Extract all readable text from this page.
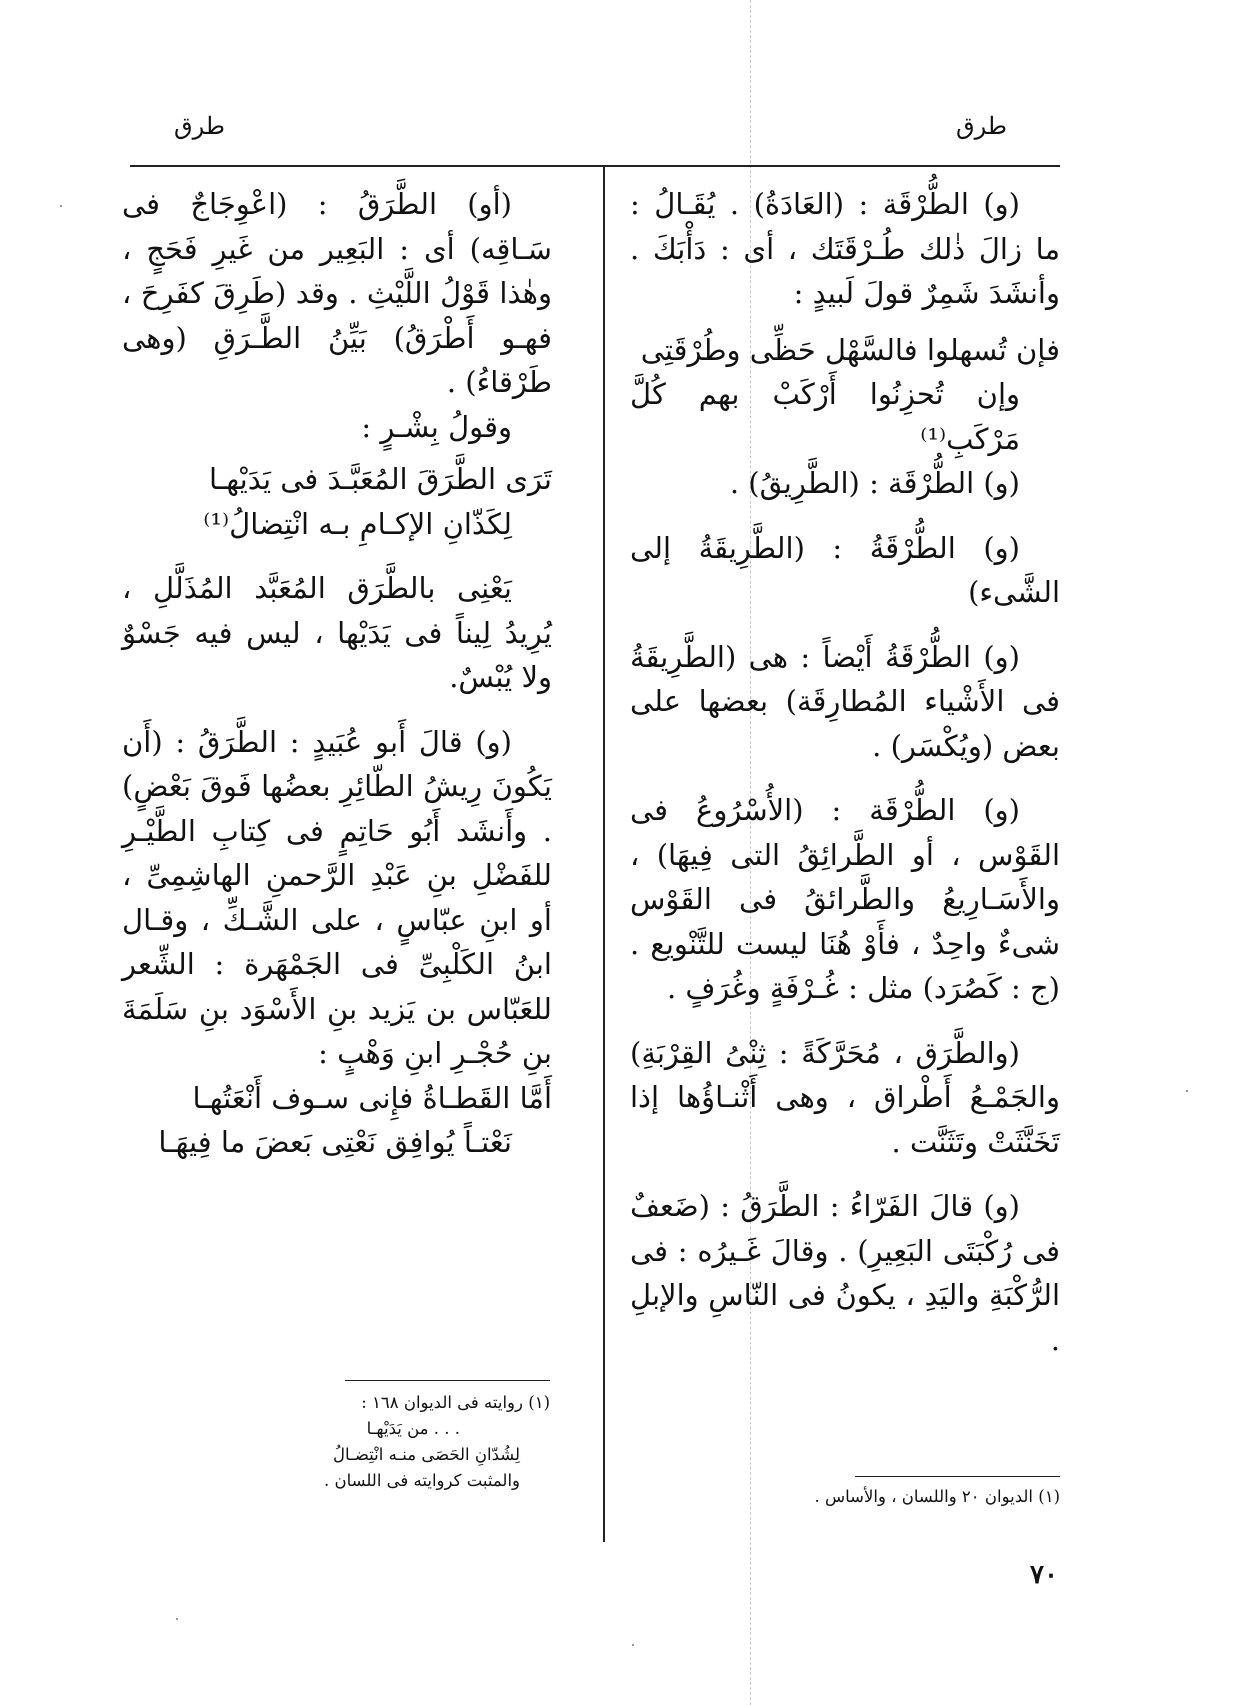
طرق
طرق

(و) الطُّرْقَة : (العَادَةُ) . يُقَـالُ : ما زالَ ذٰلك طُـرْقَتَك ، أى : دَأْبَكَ . وأنشَدَ شَمِرٌ قولَ لَبيدٍ :

فإن تُسهلوا فالسَّهْل حَظِّى وطُرْقَتِى
وإن تُحزِنُوا أَرْكَبْ بهم كُلَّ مَرْكَبِ⁽¹⁾

(و) الطُّرْقَة : (الطَّرِيقُ) .

(و) الطُّرْقَةُ : (الطَّرِيقَةُ إلى الشَّىء)

(و) الطُّرْقَةُ أَيْضاً : هى (الطَّرِيقَةُ فى الأَشْياء المُطارِقَة) بعضها على بعض (ويُكْسَر) .

(و) الطُّرْقَة : (الأُسْرُوعُ فى القَوْس ، أو الطَّرائِقُ التى فِيهَا) ، والأَسَـارِيعُ والطَّرائقُ فى القَوْس شىءٌ واحِدٌ ، فأَوْ هُنَا ليست للتَّنْويع . (ج : كَصُرَد) مثل : غُـرْفَةٍ وغُرَفٍ .

(والطَّرَق ، مُحَرَّكَةً : ثِنْىُ القِرْبَةِ) والجَمْـعُ أَطْراق ، وهى أَثْنـاؤُها إذا تَخَنَّثَتْ وتَثَنَّت .

(و) قالَ الفَرّاءُ : الطَّرَقُ : (ضَعفٌ فى رُكْبَتَى البَعِيرِ) . وقالَ غَـيرُه : فى الرُّكْبَةِ واليَدِ ، يكونُ فى النّاسِ والإبلِ .

(١) الديوان ٢٠ واللسان ، والأساس .

(أو) الطَّرَقُ : (اعْوِجَاجٌ فى سَـاقِه) أى : البَعِير من غَيرِ فَحَجٍ ، وهٰذا قَوْلُ اللَّيْثِ . وقد (طَرِقَ كفَرِحَ ، فهـو أَطْرَقُ) بَيِّنُ الطَّـرَقِ (وهى طَرْقاءُ) .

وقولُ بِشْـرٍ :

تَرَى الطَّرَقَ المُعَبَّـدَ فى يَدَيْهـا
لِكَذّانِ الإكـامِ بـه انْتِضالُ⁽¹⁾

يَعْنِى بالطَّرَق المُعَبَّد المُذَلَّلِ ، يُرِيدُ لِيناً فى يَدَيْها ، ليس فيه جَسْوٌ ولا يُبْسٌ.

(و) قالَ أَبو عُبَيدٍ : الطَّرَقُ : (أَن يَكُونَ رِيشُ الطّائِرِ بعضُها فَوقَ بَعْضٍ) . وأَنشَد أَبُو حَاتِمٍ فى كِتابِ الطَّيْـرِ للفَضْلِ بنِ عَبْدِ الرَّحمنِ الهاشِمِىِّ ، أو ابنِ عبّاسٍ ، على الشَّـكِّ ، وقـال ابنُ الكَلْبِىِّ فى الجَمْهَرة : الشِّعر للعَبّاس بن يَزيد بنِ الأَسْوَد بنِ سَلَمَةَ بنِ حُجْـرِ ابنِ وَهْبٍ :

أَمَّا القَطـاةُ فإِنى سـوف أَنْعَتُهـا
نَعْتـاً يُوافِق نَعْتِى بَعضَ ما فِيهَـا
(١) روايته فى الديوان ١٦٨ :
. . . من يَدَيْهـا
لِشُدّانِ الحَصَى منـه انْتِضـالُ
والمثبت كروايته فى اللسان .
٧٠
